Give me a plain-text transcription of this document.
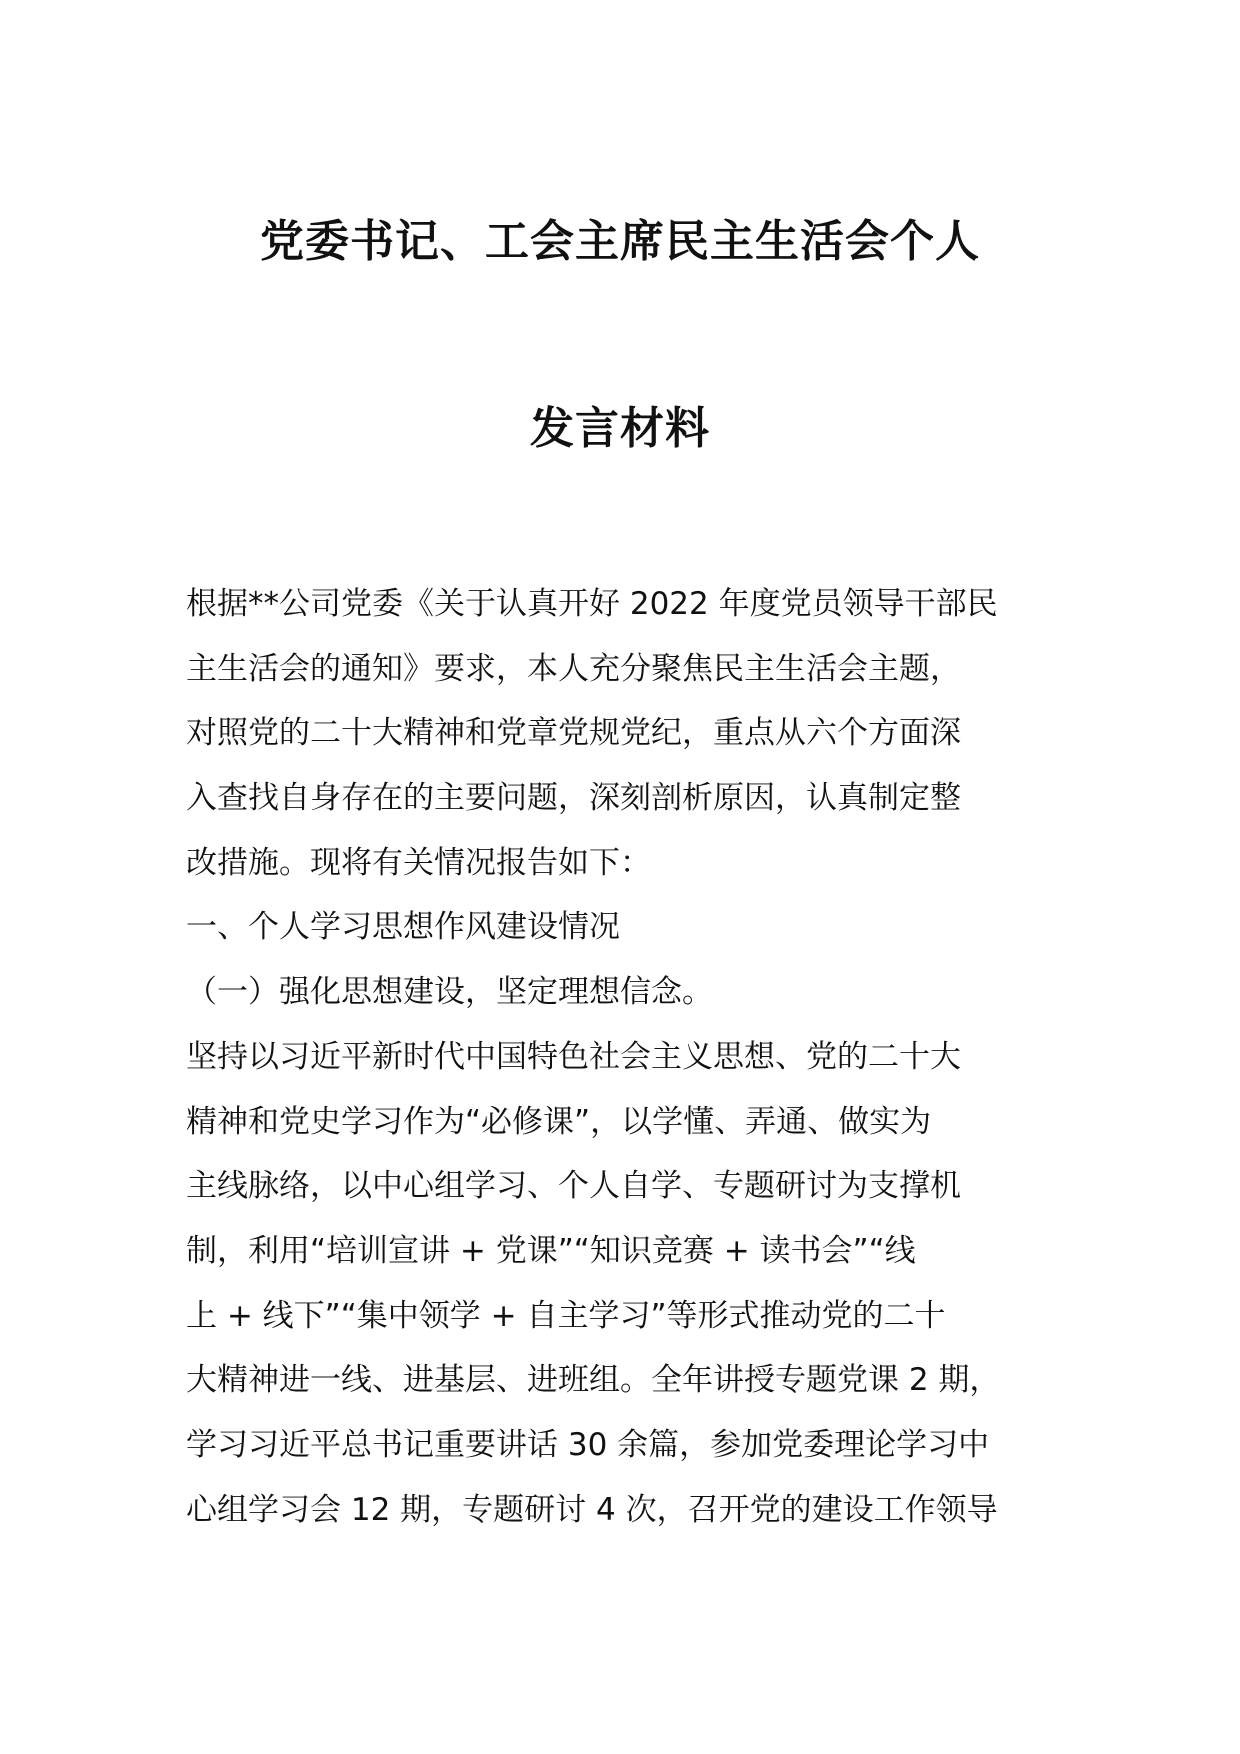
党委书记、工会主席民主生活会个人
发言材料
根据**公司党委《关于认真开好 2022 年度党员领导干部民
主生活会的通知》要求，本人充分聚焦民主生活会主题，
对照党的二十大精神和党章党规党纪，重点从六个方面深
入查找自身存在的主要问题，深刻剖析原因，认真制定整
改措施。现将有关情况报告如下：
一、个人学习思想作风建设情况
（一）强化思想建设，坚定理想信念。
坚持以习近平新时代中国特色社会主义思想、党的二十大
精神和党史学习作为“必修课”，以学懂、弄通、做实为
主线脉络，以中心组学习、个人自学、专题研讨为支撑机
制，利用“培训宣讲 + 党课”“知识竞赛 + 读书会”“线
上 + 线下”“集中领学 + 自主学习”等形式推动党的二十
大精神进一线、进基层、进班组。全年讲授专题党课 2 期，
学习习近平总书记重要讲话 30 余篇，参加党委理论学习中
心组学习会 12 期，专题研讨 4 次，召开党的建设工作领导
